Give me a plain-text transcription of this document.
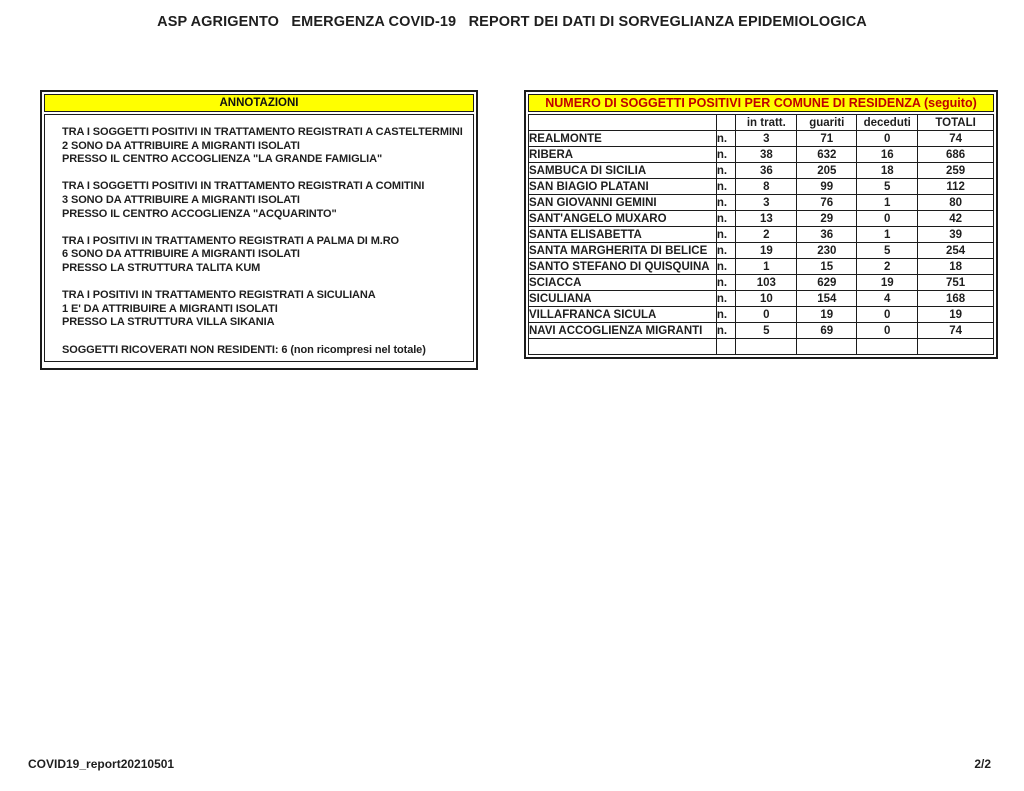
ASP AGRIGENTO   EMERGENZA COVID-19   REPORT DEI DATI DI SORVEGLIANZA EPIDEMIOLOGICA
ANNOTAZIONI
TRA I SOGGETTI POSITIVI IN TRATTAMENTO REGISTRATI A CASTELTERMINI
2 SONO DA ATTRIBUIRE A MIGRANTI ISOLATI
PRESSO IL CENTRO ACCOGLIENZA "LA GRANDE FAMIGLIA"
TRA I SOGGETTI POSITIVI IN TRATTAMENTO REGISTRATI A COMITINI
3 SONO DA ATTRIBUIRE A MIGRANTI ISOLATI
PRESSO IL CENTRO ACCOGLIENZA "ACQUARINTO"
TRA I POSITIVI IN TRATTAMENTO REGISTRATI A PALMA DI M.RO
6 SONO DA ATTRIBUIRE A MIGRANTI ISOLATI
PRESSO LA STRUTTURA TALITA KUM
TRA I POSITIVI IN TRATTAMENTO REGISTRATI A SICULIANA
1 E' DA ATTRIBUIRE A MIGRANTI ISOLATI
PRESSO LA STRUTTURA VILLA SIKANIA
SOGGETTI RICOVERATI NON RESIDENTI: 6 (non ricompresi nel totale)
NUMERO DI SOGGETTI POSITIVI PER COMUNE DI RESIDENZA (seguito)
		in tratt.	guariti	deceduti	TOTALI
REALMONTE	n.	3	71	0	74
RIBERA	n.	38	632	16	686
SAMBUCA DI SICILIA	n.	36	205	18	259
SAN BIAGIO PLATANI	n.	8	99	5	112
SAN GIOVANNI GEMINI	n.	3	76	1	80
SANT'ANGELO MUXARO	n.	13	29	0	42
SANTA ELISABETTA	n.	2	36	1	39
SANTA MARGHERITA DI BELICE	n.	19	230	5	254
SANTO STEFANO DI QUISQUINA	n.	1	15	2	18
SCIACCA	n.	103	629	19	751
SICULIANA	n.	10	154	4	168
VILLAFRANCA SICULA	n.	0	19	0	19
NAVI ACCOGLIENZA MIGRANTI	n.	5	69	0	74

COVID19_report20210501	2/2
